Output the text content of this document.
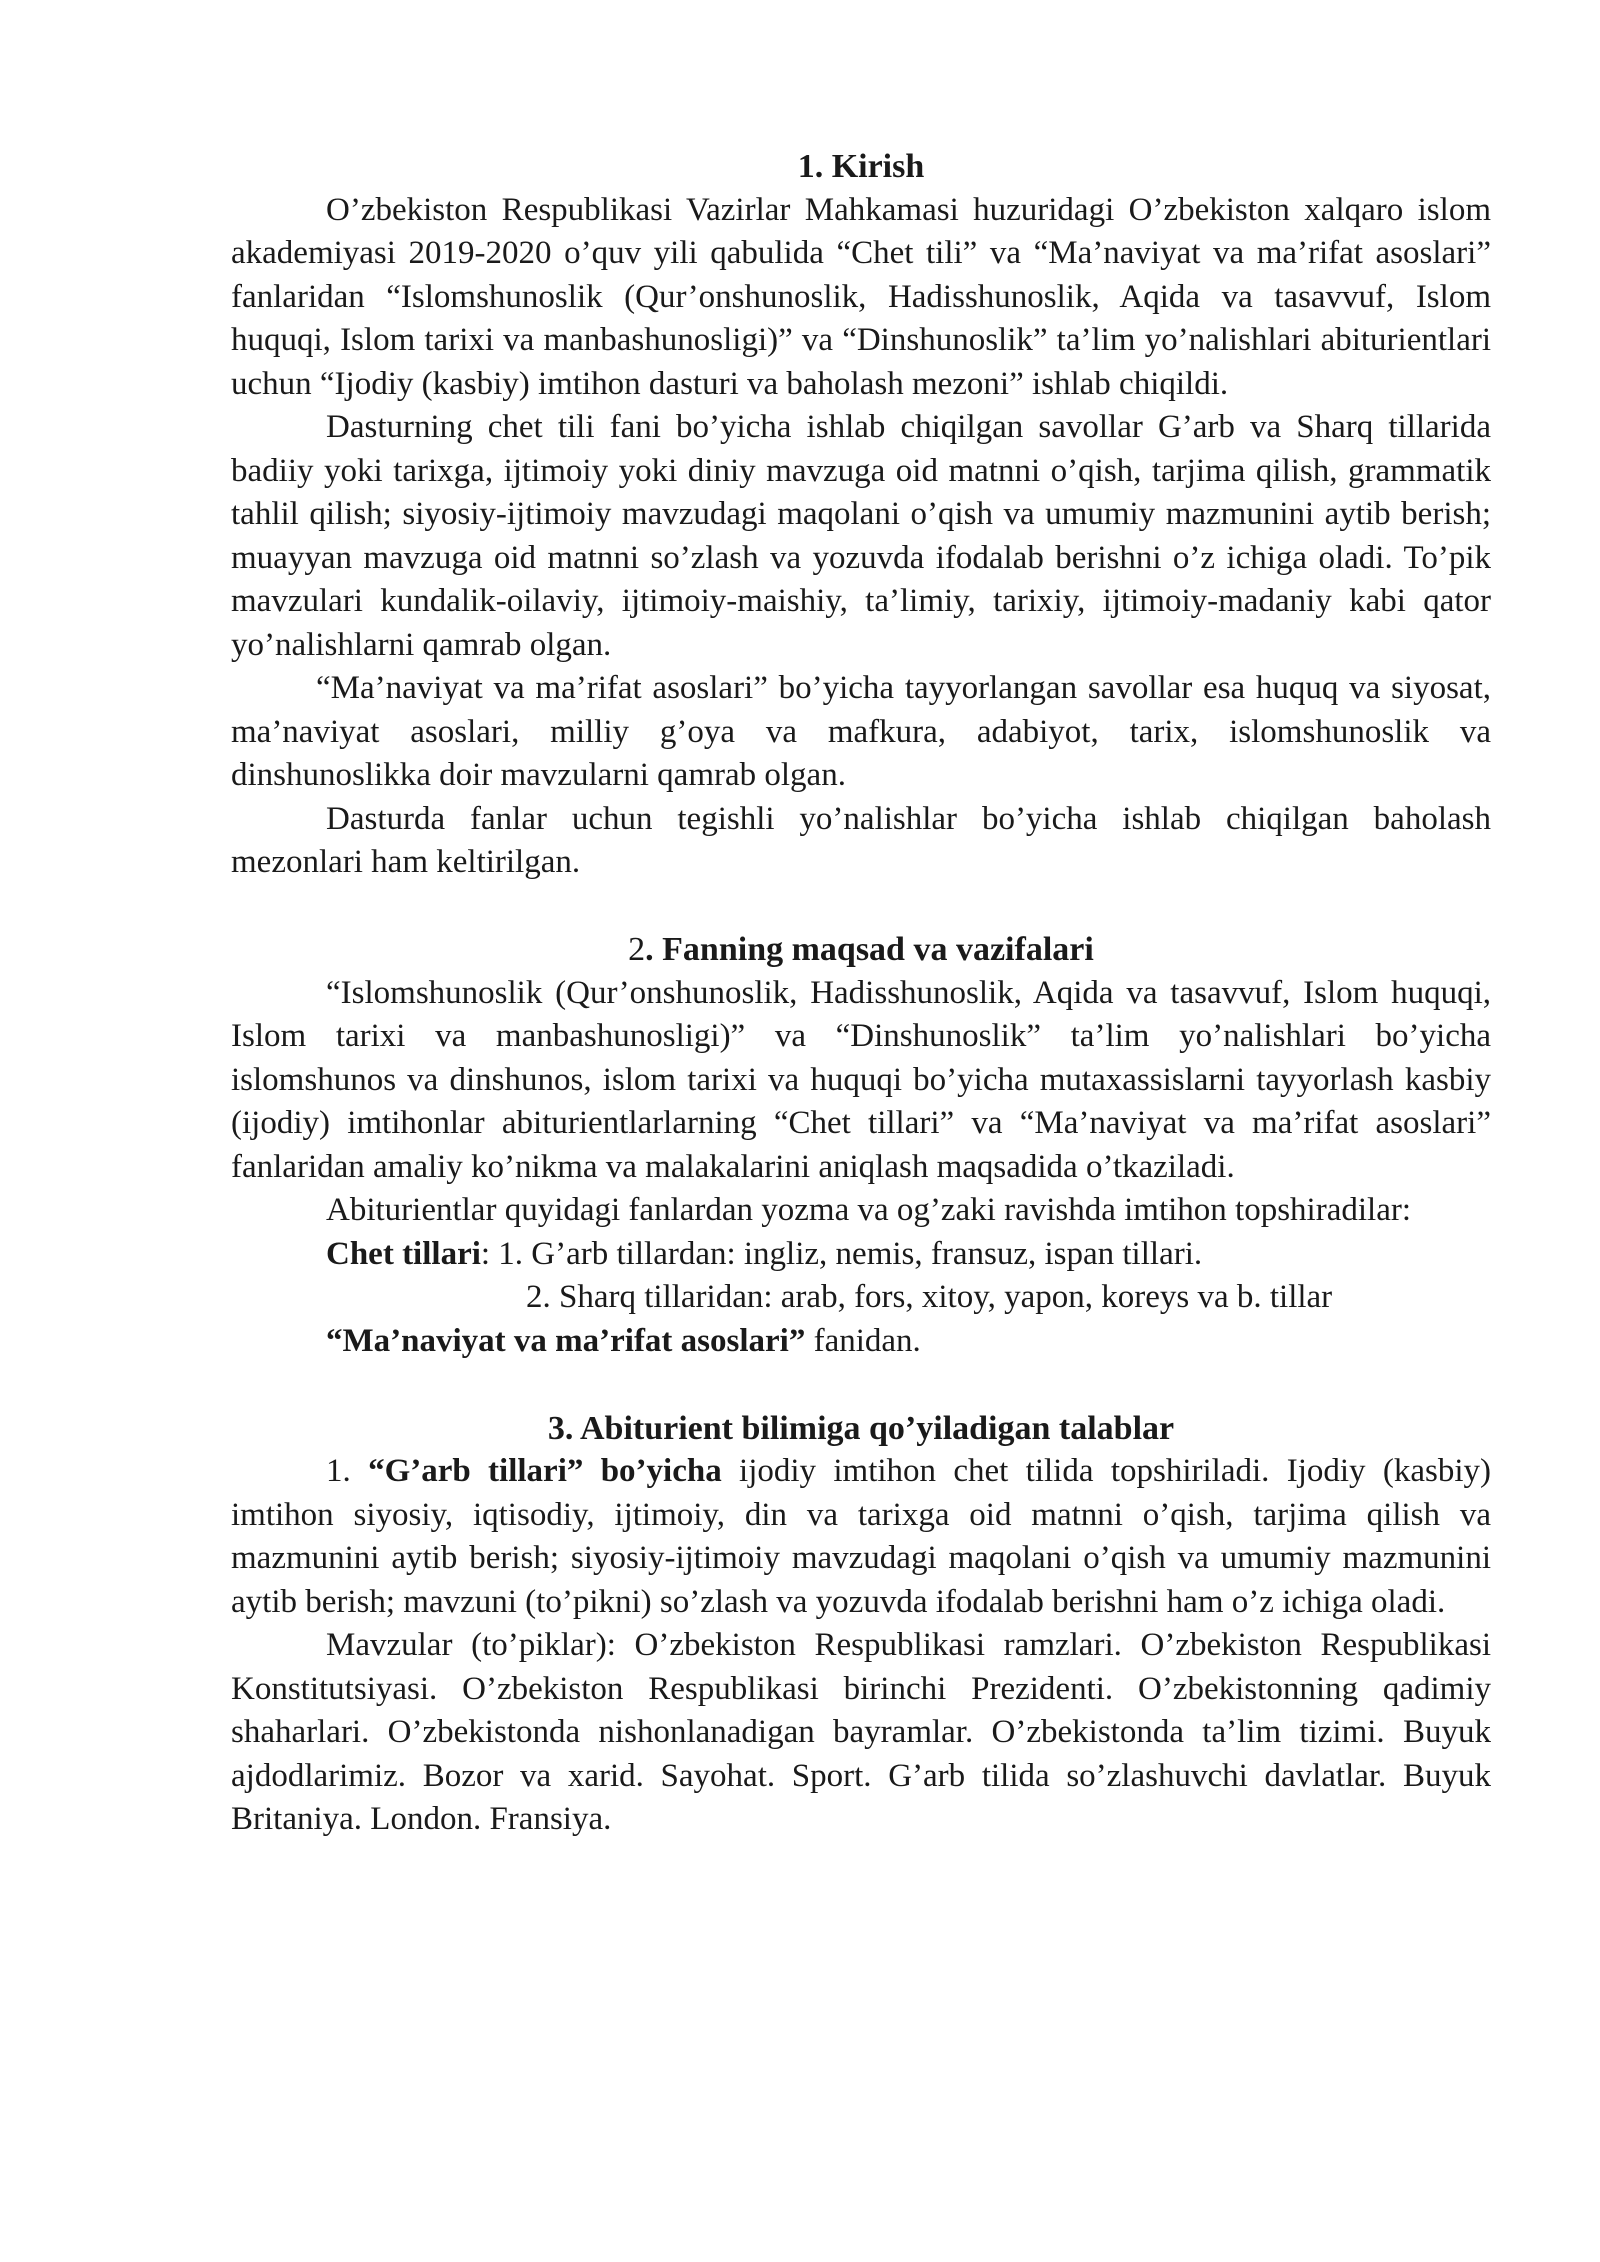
1. Kirish

O’zbekiston Respublikasi Vazirlar Mahkamasi huzuridagi O’zbekiston xalqaro islom akademiyasi 2019-2020 o’quv yili qabulida “Chet tili” va “Ma’naviyat va ma’rifat asoslari” fanlaridan “Islomshunoslik (Qur’onshunoslik, Hadisshunoslik, Aqida va tasavvuf, Islom huquqi, Islom tarixi va manbashunosligi)” va “Dinshunoslik” ta’lim yo’nalishlari abiturientlari uchun “Ijodiy (kasbiy) imtihon dasturi va baholash mezoni” ishlab chiqildi.

Dasturning chet tili fani bo’yicha ishlab chiqilgan savollar G’arb va Sharq tillarida badiiy yoki tarixga, ijtimoiy yoki diniy mavzuga oid matnni o’qish, tarjima qilish, grammatik tahlil qilish; siyosiy-ijtimoiy mavzudagi maqolani o’qish va umumiy mazmunini aytib berish; muayyan mavzuga oid matnni so’zlash va yozuvda ifodalab berishni o’z ichiga oladi. To’pik mavzulari kundalik-oilaviy, ijtimoiy-maishiy, ta’limiy, tarixiy, ijtimoiy-madaniy kabi qator yo’nalishlarni qamrab olgan.

“Ma’naviyat va ma’rifat asoslari” bo’yicha tayyorlangan savollar esa huquq va siyosat, ma’naviyat asoslari, milliy g’oya va mafkura, adabiyot, tarix, islomshunoslik va dinshunoslikka doir mavzularni qamrab olgan.

Dasturda fanlar uchun tegishli yo’nalishlar bo’yicha ishlab chiqilgan baholash mezonlari ham keltirilgan.

2. Fanning maqsad va vazifalari

“Islomshunoslik (Qur’onshunoslik, Hadisshunoslik, Aqida va tasavvuf, Islom huquqi, Islom tarixi va manbashunosligi)” va “Dinshunoslik” ta’lim yo’nalishlari bo’yicha islomshunos va dinshunos, islom tarixi va huquqi bo’yicha mutaxassislarni tayyorlash kasbiy (ijodiy) imtihonlar abiturientlarlarning “Chet tillari” va “Ma’naviyat va ma’rifat asoslari” fanlaridan amaliy ko’nikma va malakalarini aniqlash maqsadida o’tkaziladi.

Abiturientlar quyidagi fanlardan yozma va og’zaki ravishda imtihon topshiradilar:

Chet tillari: 1. G’arb tillardan: ingliz, nemis, fransuz, ispan tillari.

2. Sharq tillaridan: arab, fors, xitoy, yapon, koreys va b. tillar

“Ma’naviyat va ma’rifat asoslari” fanidan.

3. Abiturient bilimiga qo’yiladigan talablar

1. “G’arb tillari” bo’yicha ijodiy imtihon chet tilida topshiriladi. Ijodiy (kasbiy) imtihon siyosiy, iqtisodiy, ijtimoiy, din va tarixga oid matnni o’qish, tarjima qilish va mazmunini aytib berish; siyosiy-ijtimoiy mavzudagi maqolani o’qish va umumiy mazmunini aytib berish; mavzuni (to’pikni) so’zlash va yozuvda ifodalab berishni ham o’z ichiga oladi.

Mavzular (to’piklar): O’zbekiston Respublikasi ramzlari. O’zbekiston Respublikasi Konstitutsiyasi. O’zbekiston Respublikasi birinchi Prezidenti. O’zbekistonning qadimiy shaharlari. O’zbekistonda nishonlanadigan bayramlar. O’zbekistonda ta’lim tizimi. Buyuk ajdodlarimiz. Bozor va xarid. Sayohat. Sport. G’arb tilida so’zlashuvchi davlatlar. Buyuk Britaniya. London. Fransiya.
